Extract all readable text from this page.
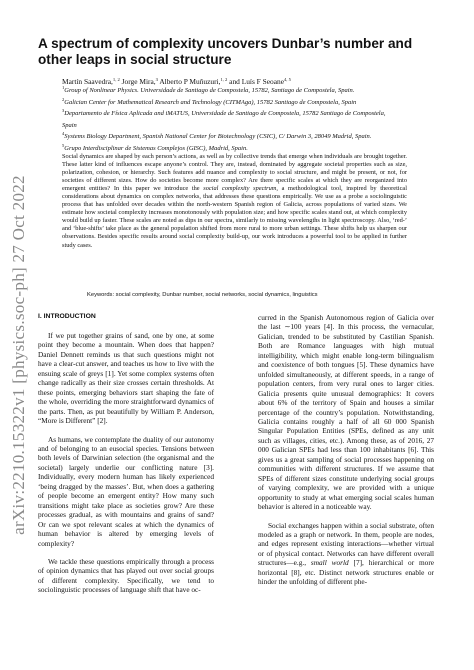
arXiv:2210.15322v1 [physics.soc-ph] 27 Oct 2022
A spectrum of complexity uncovers Dunbar’s number and other leaps in social structure
Martín Saavedra,$^{1, 2}$ Jorge Mira,$^3$ Alberto P Muñuzuri,$^{1, 2}$ and Luís F Seoane$^{4, 5}$
$^1$Group of Nonlinear Physics. Universidade de Santiago de Compostela, 15782, Santiago de Compostela, Spain.
$^2$Galician Center for Mathematical Research and Technology (CITMAga), 15782 Santiago de Compostela, Spain
$^3$Departamento de Física Aplicada and iMATUS, Universidade de Santiago de Compostela, 15782 Santiago de Compostela,
Spain
$^4$Systems Biology Department, Spanish National Center for Biotechnology (CSIC), C/ Darwin 3, 28049 Madrid, Spain.
$^5$Grupo Interdisciplinar de Sistemas Complejos (GISC), Madrid, Spain.

Social dynamics are shaped by each person’s actions, as well as by collective trends that emerge when individuals are brought together. These latter kind of influences escape anyone’s control. They are, instead, dominated by aggregate societal properties such as size, polarization, cohesion, or hierarchy. Such features add nuance and complexity to social structure, and might be present, or not, for societies of different sizes. How do societies become more complex? Are there specific scales at which they are reorganized into emergent entities? In this paper we introduce the social complexity spectrum, a methodological tool, inspired by theoretical considerations about dynamics on complex networks, that addresses these questions empirically. We use as a probe a sociolinguistic process that has unfolded over decades within the north-western Spanish region of Galicia, across populations of varied sizes. We estimate how societal complexity increases monotonously with population size; and how specific scales stand out, at which complexity would build up faster. These scales are noted as dips in our spectra, similarly to missing wavelengths in light spectroscopy. Also, ‘red-’ and ‘blue-shifts’ take place as the general population shifted from more rural to more urban settings. These shifts help us sharpen our observations. Besides specific results around social complexity build-up, our work introduces a powerful tool to be applied in further study cases.

Keywords: social complexity, Dunbar number, social networks, social dynamics, linguistics
I. INTRODUCTION

If we put together grains of sand, one by one, at some point they become a mountain. When does that happen? Daniel Dennett reminds us that such questions might not have a clear-cut answer, and teaches us how to live with the ensuing scale of greys [1]. Yet some complex systems often change radically as their size crosses certain thresholds. At these points, emerging behaviors start shaping the fate of the whole, overriding the more straightforward dynamics of the parts. Then, as put beautifully by William P. Anderson, “More is Different” [2].

As humans, we contemplate the duality of our autonomy and of belonging to an eusocial species. Tensions between both levels of Darwinian selection (the organismal and the societal) largely underlie our conflicting nature [3]. Individually, every modern human has likely experienced ‘being dragged by the masses’. But, when does a gathering of people become an emergent entity? How many such transitions might take place as societies grow? Are these processes gradual, as with mountains and grains of sand? Or can we spot relevant scales at which the dynamics of human behavior is altered by emerging levels of complexity?

We tackle these questions empirically through a process of opinion dynamics that has played out over social groups of different complexity. Specifically, we tend to sociolinguistic processes of language shift that have oc-

curred in the Spanish Autonomous region of Galicia over the last ∼100 years [4]. In this process, the vernacular, Galician, trended to be substituted by Castilian Spanish. Both are Romance languages with high mutual intelligibility, which might enable long-term bilingualism and coexistence of both tongues [5]. These dynamics have unfolded simultaneously, at different speeds, in a range of population centers, from very rural ones to larger cities. Galicia presents quite unusual demographics: It covers about 6% of the territory of Spain and houses a similar percentage of the country’s population. Notwithstanding, Galicia contains roughly a half of all 60 000 Spanish Singular Population Entities (SPEs, defined as any unit such as villages, cities, etc.). Among these, as of 2016, 27 000 Galician SPEs had less than 100 inhabitants [6]. This gives us a great sampling of social processes happening on communities with different structures. If we assume that SPEs of different sizes constitute underlying social groups of varying complexity, we are provided with a unique opportunity to study at what emerging social scales human behavior is altered in a noticeable way.

Social exchanges happen within a social substrate, often modeled as a graph or network. In them, people are nodes, and edges represent existing interactions—whether virtual or of physical contact. Networks can have different overall structures—e.g., small world [7], hierarchical or more horizontal [8], etc. Distinct network structures enable or hinder the unfolding of different phe-
